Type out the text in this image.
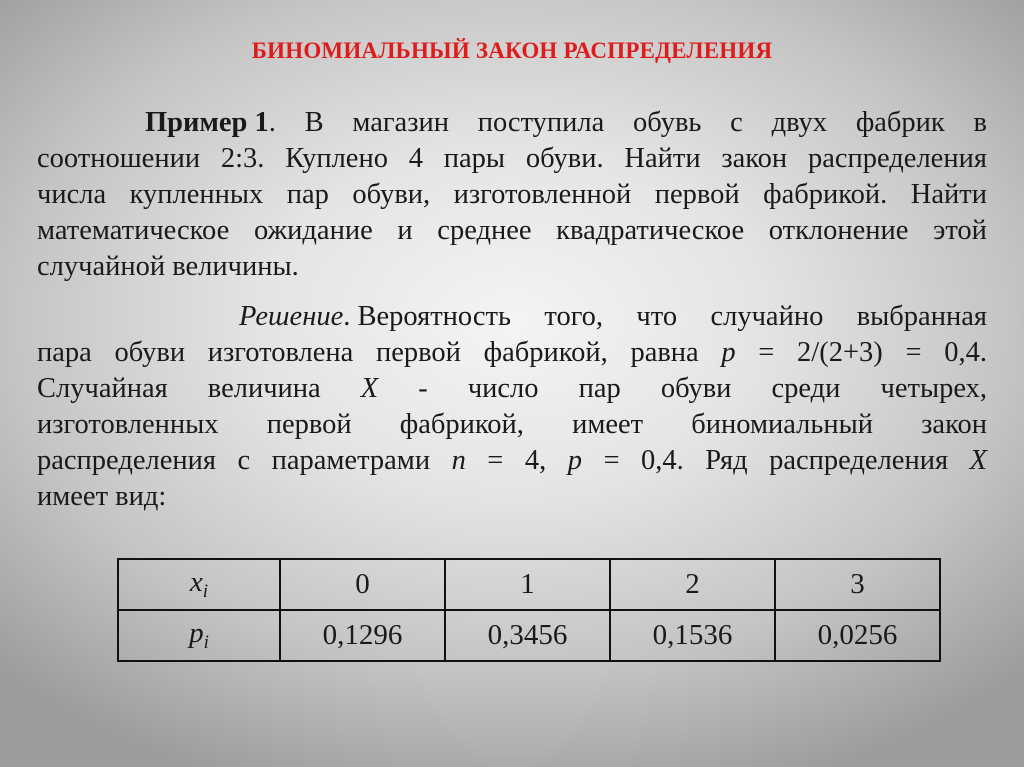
БИНОМИАЛЬНЫЙ ЗАКОН РАСПРЕДЕЛЕНИЯ
Пример 1. В магазин поступила обувь с двух фабрик в
соотношении 2:3. Куплено 4 пары обуви. Найти закон распределения
числа купленных пар обуви, изготовленной первой фабрикой. Найти
математическое ожидание и среднее квадратическое отклонение этой
случайной величины.
Решение. Вероятность того, что случайно выбранная
пара обуви изготовлена первой фабрикой, равна p = 2/(2+3) = 0,4.
Случайная величина X - число пар обуви среди четырех,
изготовленных первой фабрикой, имеет биномиальный закон
распределения с параметрами n = 4, p = 0,4. Ряд распределения X
имеет вид:
$x_i$	0	1	2	3
$p_i$	0,1296	0,3456	0,1536	0,0256
